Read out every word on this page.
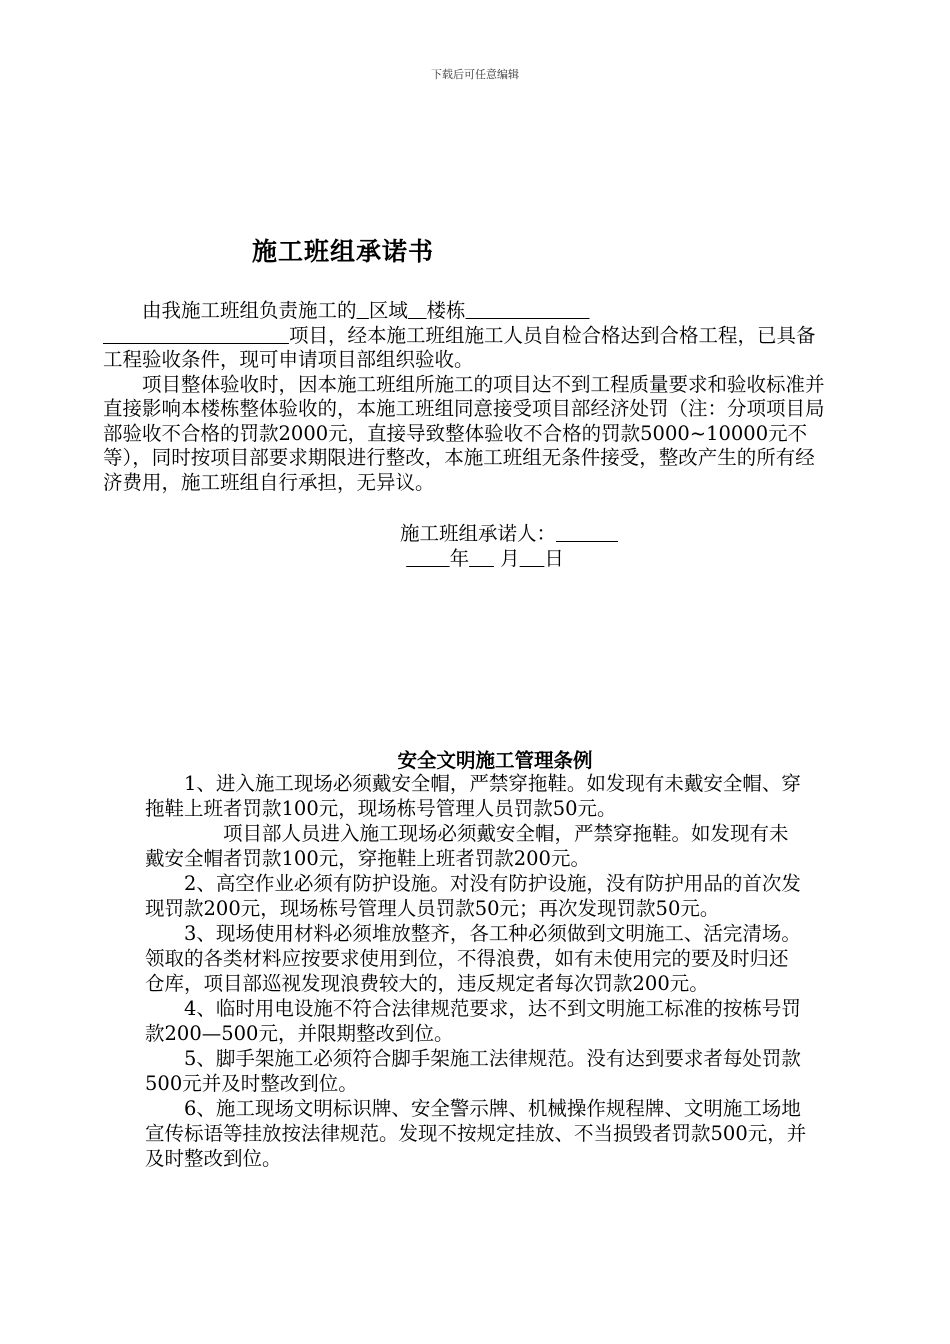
下载后可任意编辑
施工班组承诺书

由我施工班组负责施工的 区域 楼栋
项目，经本施工班组施工人员自检合格达到合格工程，已具备工程验收条件，现可申请项目部组织验收。

项目整体验收时，因本施工班组所施工的项目达不到工程质量要求和验收标准并直接影响本楼栋整体验收的，本施工班组同意接受项目部经济处罚（注：分项项目局部验收不合格的罚款2000元，直接导致整体验收不合格的罚款5000~10000元不等），同时按项目部要求期限进行整改，本施工班组无条件接受，整改产生的所有经济费用，施工班组自行承担，无异议。

施工班组承诺人：
年     月 日
安全文明施工管理条例

1、进入施工现场必须戴安全帽，严禁穿拖鞋。如发现有未戴安全帽、穿拖鞋上班者罚款100元，现场栋号管理人员罚款50元。

项目部人员进入施工现场必须戴安全帽，严禁穿拖鞋。如发现有未戴安全帽者罚款100元，穿拖鞋上班者罚款200元。

2、高空作业必须有防护设施。对没有防护设施，没有防护用品的首次发现罚款200元，现场栋号管理人员罚款50元；再次发现罚款50元。

3、现场使用材料必须堆放整齐，各工种必须做到文明施工、活完清场。领取的各类材料应按要求使用到位，不得浪费，如有未使用完的要及时归还仓库，项目部巡视发现浪费较大的，违反规定者每次罚款200元。

4、临时用电设施不符合法律规范要求，达不到文明施工标准的按栋号罚款200—500元，并限期整改到位。

5、脚手架施工必须符合脚手架施工法律规范。没有达到要求者每处罚款500元并及时整改到位。

6、施工现场文明标识牌、安全警示牌、机械操作规程牌、文明施工场地宣传标语等挂放按法律规范。发现不按规定挂放、不当损毁者罚款500元，并及时整改到位。
